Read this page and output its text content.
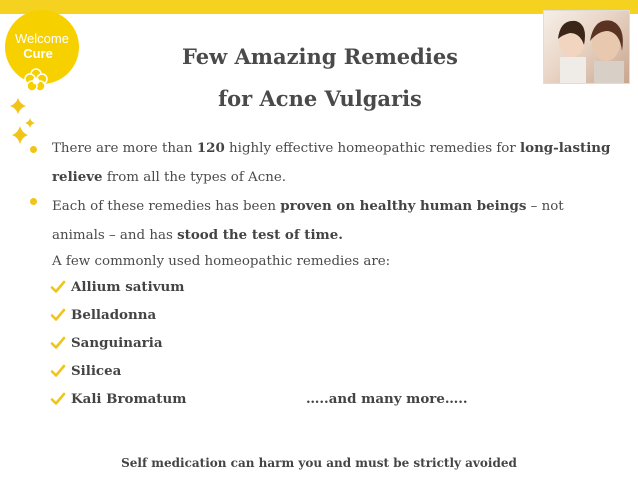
Welcome
Cure	Few Amazing Remedies
for Acne Vulgaris
There are more than 120 highly effective homeopathic remedies for long-lasting relieve from all the types of Acne.
Each of these remedies has been proven on healthy human beings – not animals – and has stood the test of time.
A few commonly used homeopathic remedies are:
Allium sativum
Belladonna
Sanguinaria
Silicea
Kali Bromatum	…..and many more…..
Self medication can harm you and must be strictly avoided
